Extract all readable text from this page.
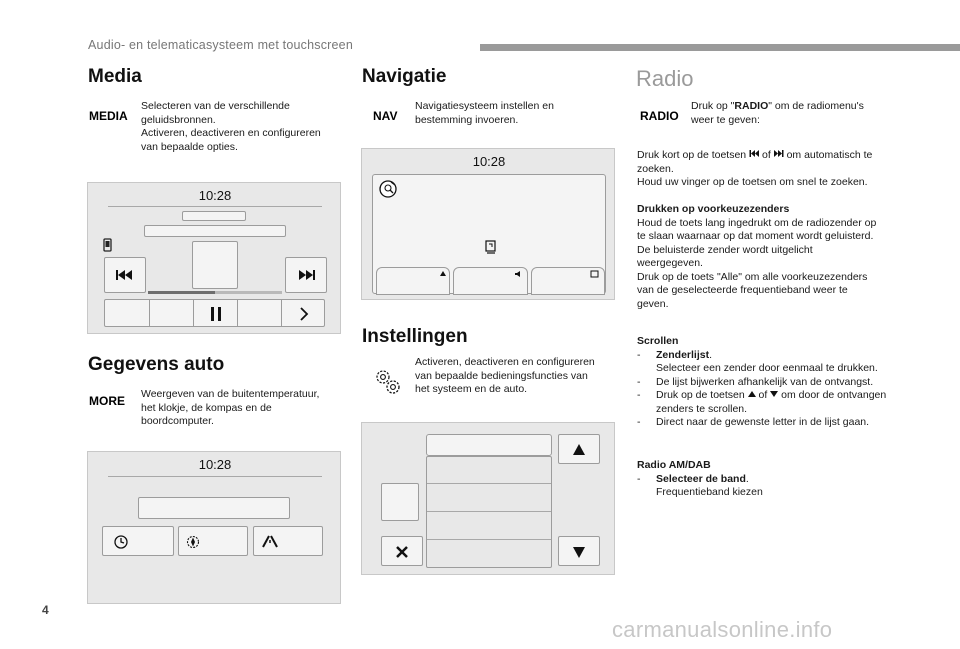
Audio- en telematicasysteem met touchscreen
Media
MEDIA
Selecteren van de verschillende
geluidsbronnen.
Activeren, deactiveren en configureren
van bepaalde opties.
10:28
Gegevens auto
MORE Weergeven van de buitentemperatuur,
het klokje, de kompas en de
boordcomputer.
10:28
Navigatie
NAV
Navigatiesysteem instellen en
bestemming invoeren.
10:28
Instellingen
Activeren, deactiveren en configureren
van bepaalde bedieningsfuncties van
het systeem en de auto.
Radio
RADIO
Druk op "RADIO" om de radiomenu's
weer te geven:
Druk kort op de toetsen  of  om automatisch te
zoeken.
Houd uw vinger op de toetsen om snel te zoeken.
Drukken op voorkeuzezenders
Houd de toets lang ingedrukt om de radiozender op
te slaan waarnaar op dat moment wordt geluisterd.
De beluisterde zender wordt uitgelicht
weergegeven.
Druk op de toets "Alle" om alle voorkeuzezenders
van de geselecteerde frequentieband weer te
geven.
Scrollen
-	Zenderlijst.
Selecteer een zender door eenmaal te drukken.
-	De lijst bijwerken afhankelijk van de ontvangst.
-	Druk op de toetsen  of  om door de ontvangen
zenders te scrollen.
-	Direct naar de gewenste letter in de lijst gaan.
Radio AM/DAB
-	Selecteer de band.
Frequentieband kiezen
4
carmanualsonline.info
